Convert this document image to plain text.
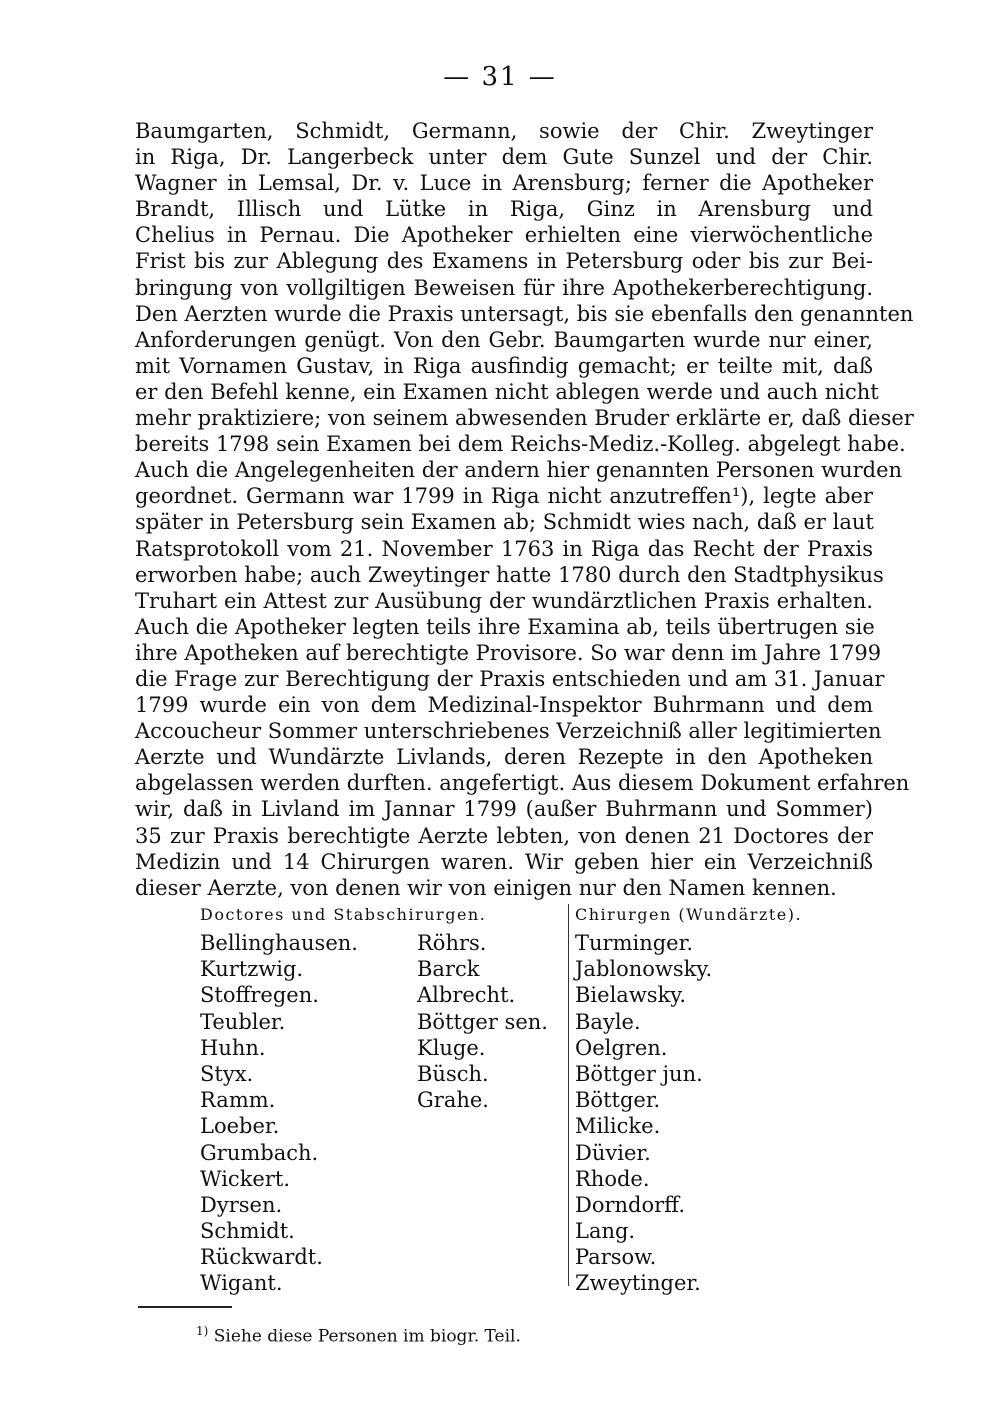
— 31 —
Baumgarten, Schmidt, Germann, sowie der Chir. Zweytinger
in Riga, Dr. Langerbeck unter dem Gute Sunzel und der Chir.
Wagner in Lemsal, Dr. v. Luce in Arensburg; ferner die Apotheker
Brandt, Illisch und Lütke in Riga, Ginz in Arensburg und
Chelius in Pernau. Die Apotheker erhielten eine vierwöchentliche
Frist bis zur Ablegung des Examens in Petersburg oder bis zur Bei-
bringung von vollgiltigen Beweisen für ihre Apothekerberechtigung.
Den Aerzten wurde die Praxis untersagt, bis sie ebenfalls den genannten
Anforderungen genügt. Von den Gebr. Baumgarten wurde nur einer,
mit Vornamen Gustav, in Riga ausfindig gemacht; er teilte mit, daß
er den Befehl kenne, ein Examen nicht ablegen werde und auch nicht
mehr praktiziere; von seinem abwesenden Bruder erklärte er, daß dieser
bereits 1798 sein Examen bei dem Reichs-Mediz.-Kolleg. abgelegt habe.
Auch die Angelegenheiten der andern hier genannten Personen wurden
geordnet. Germann war 1799 in Riga nicht anzutreffen¹), legte aber
später in Petersburg sein Examen ab; Schmidt wies nach, daß er laut
Ratsprotokoll vom 21. November 1763 in Riga das Recht der Praxis
erworben habe; auch Zweytinger hatte 1780 durch den Stadtphysikus
Truhart ein Attest zur Ausübung der wundärztlichen Praxis erhalten.
Auch die Apotheker legten teils ihre Examina ab, teils übertrugen sie
ihre Apotheken auf berechtigte Provisore. So war denn im Jahre 1799
die Frage zur Berechtigung der Praxis entschieden und am 31. Januar
1799 wurde ein von dem Medizinal-Inspektor Buhrmann und dem
Accoucheur Sommer unterschriebenes Verzeichniß aller legitimierten
Aerzte und Wundärzte Livlands, deren Rezepte in den Apotheken
abgelassen werden durften. angefertigt. Aus diesem Dokument erfahren
wir, daß in Livland im Jannar 1799 (außer Buhrmann und Sommer)
35 zur Praxis berechtigte Aerzte lebten, von denen 21 Doctores der
Medizin und 14 Chirurgen waren. Wir geben hier ein Verzeichniß
dieser Aerzte, von denen wir von einigen nur den Namen kennen.
Doctores und Stabschirurgen.
Bellinghausen.
Kurtzwig.
Stoffregen.
Teubler.
Huhn.
Styx.
Ramm.
Loeber.
Grumbach.
Wickert.
Dyrsen.
Schmidt.
Rückwardt.
Wigant.
Röhrs.
Barck
Albrecht.
Böttger sen.
Kluge.
Büsch.
Grahe.
Chirurgen (Wundärzte).
Turminger.
Jablonowsky.
Bielawsky.
Bayle.
Oelgren.
Böttger jun.
Böttger.
Milicke.
Düvier.
Rhode.
Dorndorff.
Lang.
Parsow.
Zweytinger.
$^{1)}$ Siehe diese Personen im biogr. Teil.
